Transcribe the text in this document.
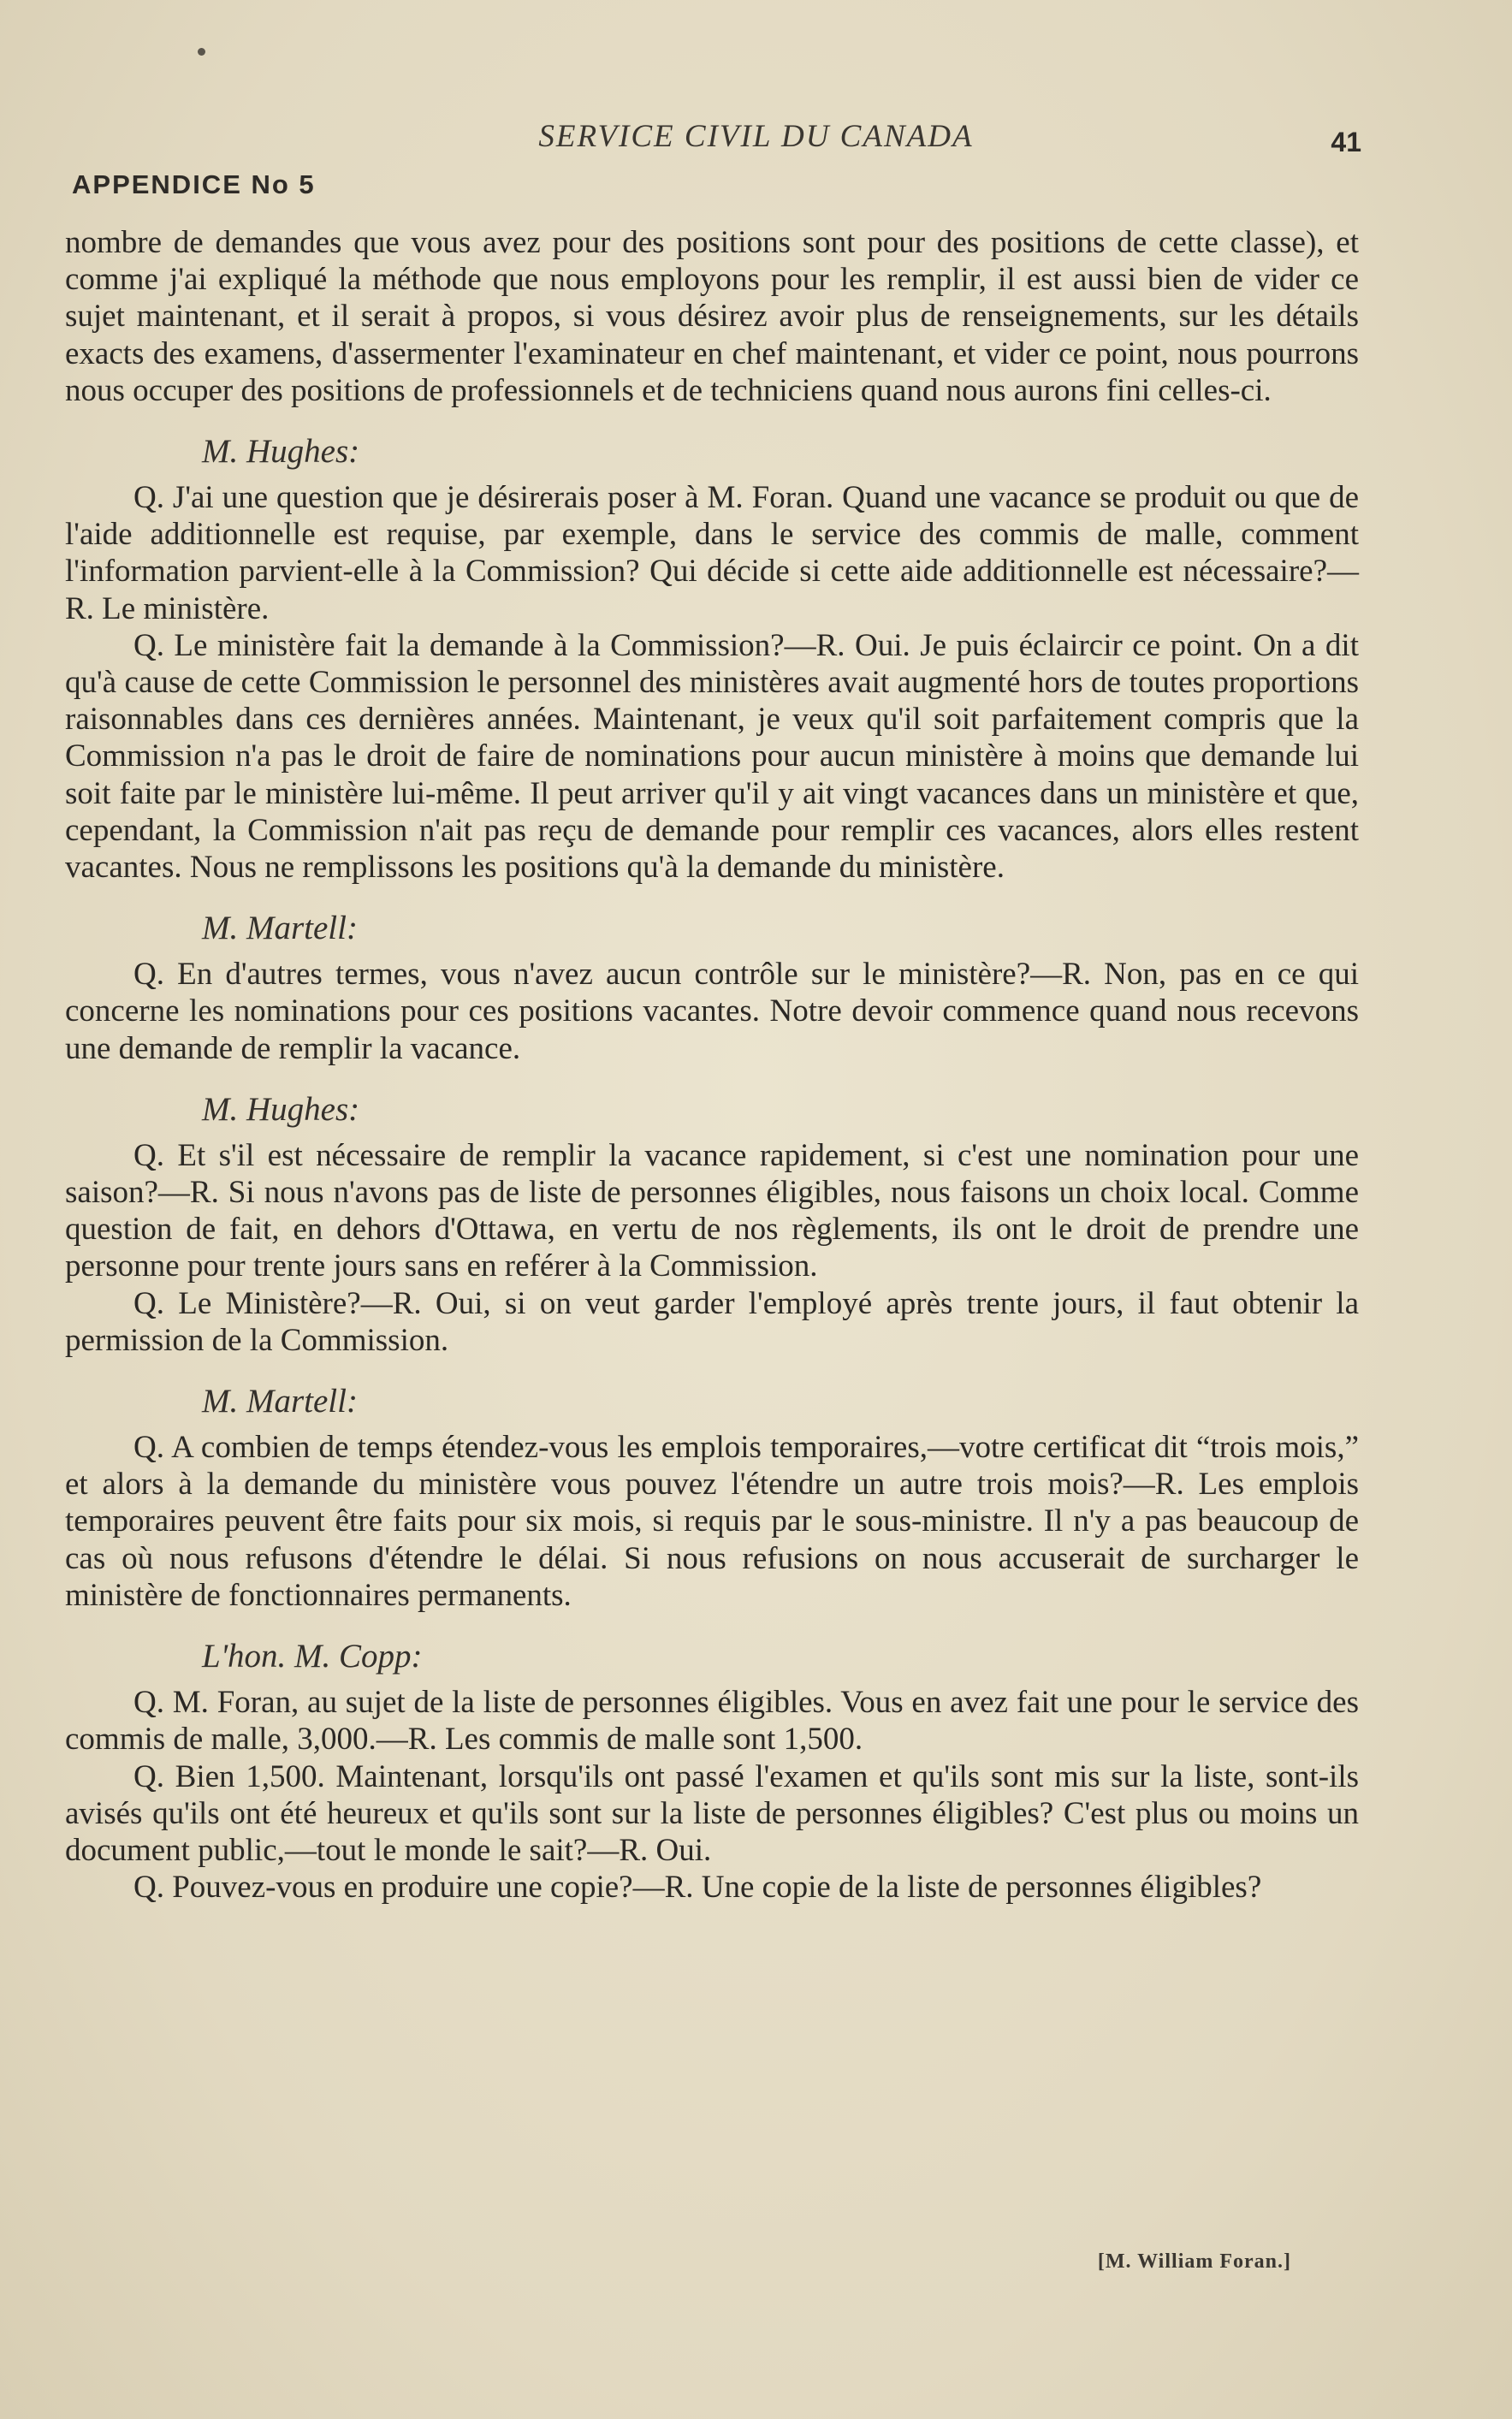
SERVICE CIVIL DU CANADA	41
APPENDICE No 5

nombre de demandes que vous avez pour des positions sont pour des positions de cette classe), et comme j'ai expliqué la méthode que nous employons pour les remplir, il est aussi bien de vider ce sujet maintenant, et il serait à propos, si vous désirez avoir plus de renseignements, sur les détails exacts des examens, d'assermenter l'examinateur en chef maintenant, et vider ce point, nous pourrons nous occuper des positions de professionnels et de techniciens quand nous aurons fini celles-ci.

M. Hughes:

Q. J'ai une question que je désirerais poser à M. Foran. Quand une vacance se produit ou que de l'aide additionnelle est requise, par exemple, dans le service des commis de malle, comment l'information parvient-elle à la Commission? Qui décide si cette aide additionnelle est nécessaire?—R. Le ministère.

Q. Le ministère fait la demande à la Commission?—R. Oui. Je puis éclaircir ce point. On a dit qu'à cause de cette Commission le personnel des ministères avait augmenté hors de toutes proportions raisonnables dans ces dernières années. Maintenant, je veux qu'il soit parfaitement compris que la Commission n'a pas le droit de faire de nominations pour aucun ministère à moins que demande lui soit faite par le ministère lui-même. Il peut arriver qu'il y ait vingt vacances dans un ministère et que, cependant, la Commission n'ait pas reçu de demande pour remplir ces vacances, alors elles restent vacantes. Nous ne remplissons les positions qu'à la demande du ministère.

M. Martell:

Q. En d'autres termes, vous n'avez aucun contrôle sur le ministère?—R. Non, pas en ce qui concerne les nominations pour ces positions vacantes. Notre devoir commence quand nous recevons une demande de remplir la vacance.

M. Hughes:

Q. Et s'il est nécessaire de remplir la vacance rapidement, si c'est une nomination pour une saison?—R. Si nous n'avons pas de liste de personnes éligibles, nous faisons un choix local. Comme question de fait, en dehors d'Ottawa, en vertu de nos règlements, ils ont le droit de prendre une personne pour trente jours sans en reférer à la Commission.

Q. Le Ministère?—R. Oui, si on veut garder l'employé après trente jours, il faut obtenir la permission de la Commission.

M. Martell:

Q. A combien de temps étendez-vous les emplois temporaires,—votre certificat dit “trois mois,” et alors à la demande du ministère vous pouvez l'étendre un autre trois mois?—R. Les emplois temporaires peuvent être faits pour six mois, si requis par le sous-ministre. Il n'y a pas beaucoup de cas où nous refusons d'étendre le délai. Si nous refusions on nous accuserait de surcharger le ministère de fonctionnaires permanents.

L'hon. M. Copp:

Q. M. Foran, au sujet de la liste de personnes éligibles. Vous en avez fait une pour le service des commis de malle, 3,000.—R. Les commis de malle sont 1,500.

Q. Bien 1,500. Maintenant, lorsqu'ils ont passé l'examen et qu'ils sont mis sur la liste, sont-ils avisés qu'ils ont été heureux et qu'ils sont sur la liste de personnes éligibles? C'est plus ou moins un document public,—tout le monde le sait?—R. Oui.

Q. Pouvez-vous en produire une copie?—R. Une copie de la liste de personnes éligibles?

[M. William Foran.]
